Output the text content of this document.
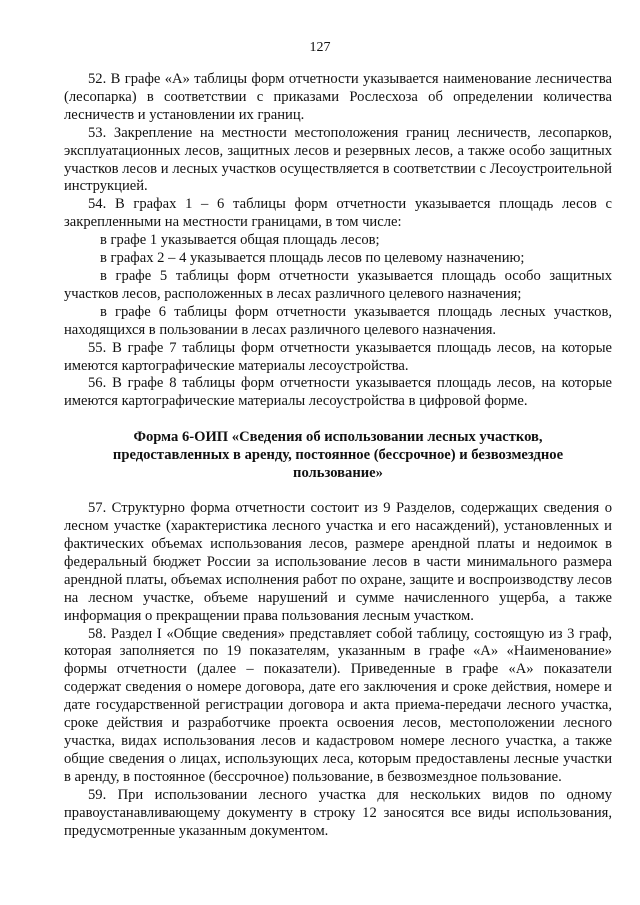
127

52. В графе «А» таблицы форм отчетности указывается наименование лесничества (лесопарка) в соответствии с приказами Рослесхоза об определении количества лесничеств и установлении их границ.

53. Закрепление на местности местоположения границ лесничеств, лесопарков, эксплуатационных лесов, защитных лесов и резервных лесов, а также особо защитных участков лесов и лесных участков осуществляется в соответствии с Лесоустроительной инструкцией.

54. В графах 1 – 6 таблицы форм отчетности указывается площадь лесов с закрепленными на местности границами, в том числе:

в графе 1 указывается общая площадь лесов;

в графах 2 – 4 указывается площадь лесов по целевому назначению;

в графе 5 таблицы форм отчетности указывается площадь особо защитных участков лесов, расположенных в лесах различного целевого назначения;

в графе 6 таблицы форм отчетности указывается площадь лесных участков, находящихся в пользовании в лесах различного целевого назначения.

55. В графе 7 таблицы форм отчетности указывается площадь лесов, на которые имеются картографические материалы лесоустройства.

56. В графе 8 таблицы форм отчетности указывается площадь лесов, на которые имеются картографические материалы лесоустройства в цифровой форме.

Форма 6-ОИП «Сведения об использовании лесных участков, предоставленных в аренду, постоянное (бессрочное) и безвозмездное пользование»

57. Структурно форма отчетности состоит из 9 Разделов, содержащих сведения о лесном участке (характеристика лесного участка и его насаждений), установленных и фактических объемах использования лесов, размере арендной платы и недоимок в федеральный бюджет России за использование лесов в части минимального размера арендной платы, объемах исполнения работ по охране, защите и воспроизводству лесов на лесном участке, объеме нарушений и сумме начисленного ущерба, а также информация о прекращении права пользования лесным участком.

58. Раздел I «Общие сведения» представляет собой таблицу, состоящую из 3 граф, которая заполняется по 19 показателям, указанным в графе «А» «Наименование» формы отчетности (далее – показатели). Приведенные в графе «А» показатели содержат сведения о номере договора, дате его заключения и сроке действия, номере и дате государственной регистрации договора и акта приема-передачи лесного участка, сроке действия и разработчике проекта освоения лесов, местоположении лесного участка, видах использования лесов и кадастровом номере лесного участка, а также общие сведения о лицах, использующих леса, которым предоставлены лесные участки в аренду, в постоянное (бессрочное) пользование, в безвозмездное пользование.

59. При использовании лесного участка для нескольких видов по одному правоустанавливающему документу в строку 12 заносятся все виды использования, предусмотренные указанным документом.
